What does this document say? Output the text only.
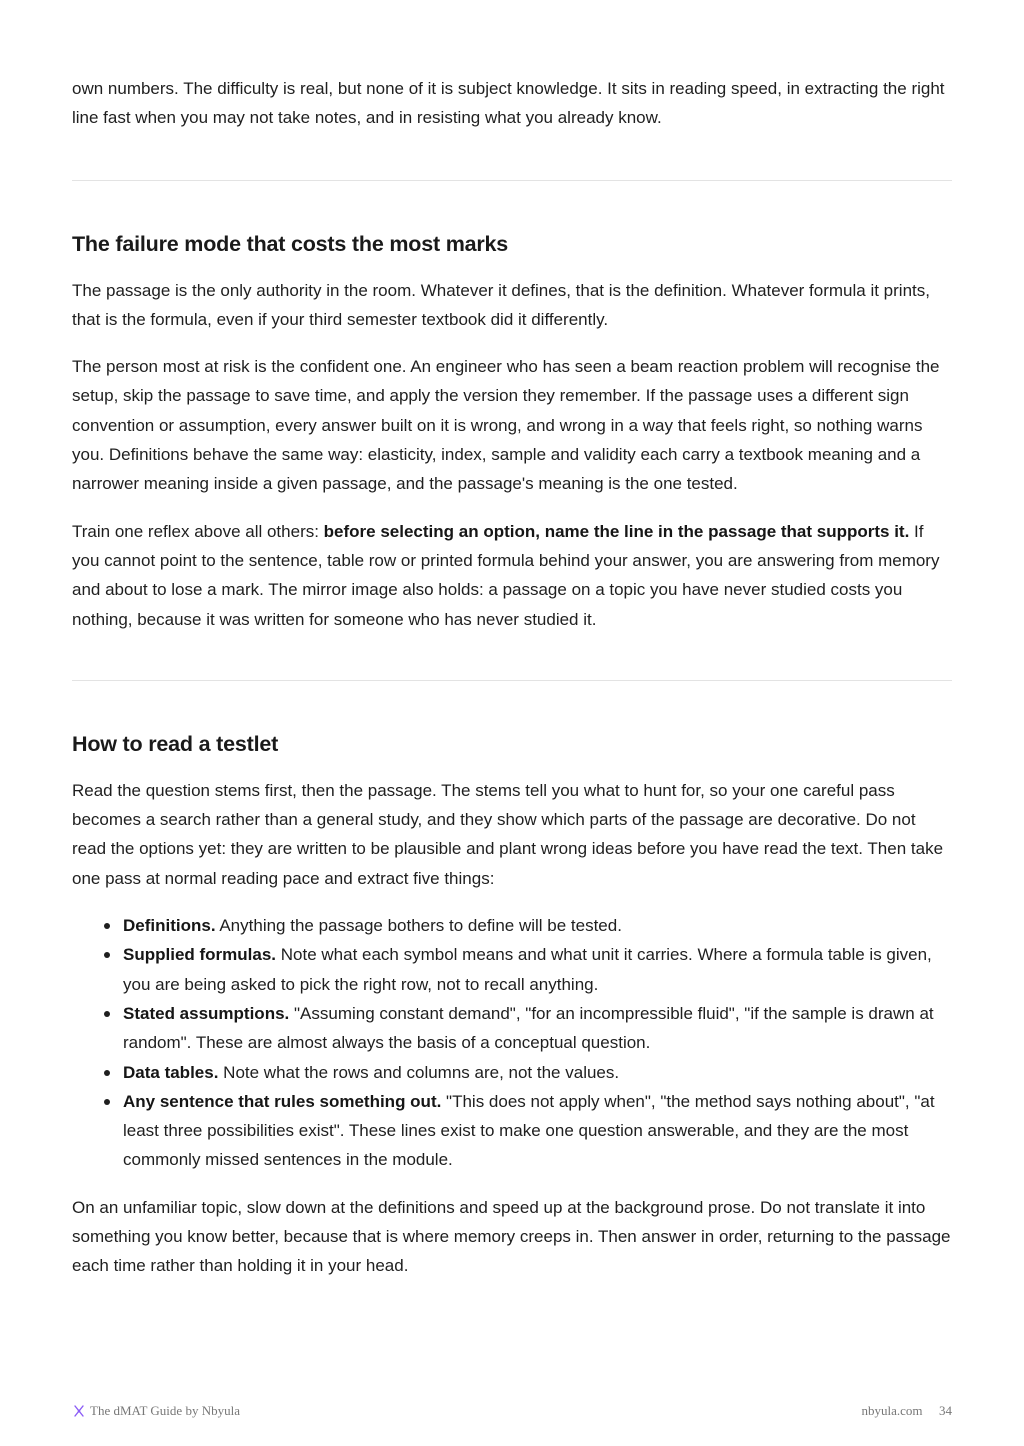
own numbers. The difficulty is real, but none of it is subject knowledge. It sits in reading speed, in extracting the right line fast when you may not take notes, and in resisting what you already know.

The failure mode that costs the most marks

The passage is the only authority in the room. Whatever it defines, that is the definition. Whatever formula it prints, that is the formula, even if your third semester textbook did it differently.

The person most at risk is the confident one. An engineer who has seen a beam reaction problem will recognise the setup, skip the passage to save time, and apply the version they remember. If the passage uses a different sign convention or assumption, every answer built on it is wrong, and wrong in a way that feels right, so nothing warns you. Definitions behave the same way: elasticity, index, sample and validity each carry a textbook meaning and a narrower meaning inside a given passage, and the passage's meaning is the one tested.

Train one reflex above all others: before selecting an option, name the line in the passage that supports it. If you cannot point to the sentence, table row or printed formula behind your answer, you are answering from memory and about to lose a mark. The mirror image also holds: a passage on a topic you have never studied costs you nothing, because it was written for someone who has never studied it.

How to read a testlet

Read the question stems first, then the passage. The stems tell you what to hunt for, so your one careful pass becomes a search rather than a general study, and they show which parts of the passage are decorative. Do not read the options yet: they are written to be plausible and plant wrong ideas before you have read the text. Then take one pass at normal reading pace and extract five things:

Definitions. Anything the passage bothers to define will be tested.
Supplied formulas. Note what each symbol means and what unit it carries. Where a formula table is given, you are being asked to pick the right row, not to recall anything.
Stated assumptions. "Assuming constant demand", "for an incompressible fluid", "if the sample is drawn at random". These are almost always the basis of a conceptual question.
Data tables. Note what the rows and columns are, not the values.
Any sentence that rules something out. "This does not apply when", "the method says nothing about", "at least three possibilities exist". These lines exist to make one question answerable, and they are the most commonly missed sentences in the module.

On an unfamiliar topic, slow down at the definitions and speed up at the background prose. Do not translate it into something you know better, because that is where memory creeps in. Then answer in order, returning to the passage each time rather than holding it in your head.

The dMAT Guide by Nbyula	nbyula.com 34
